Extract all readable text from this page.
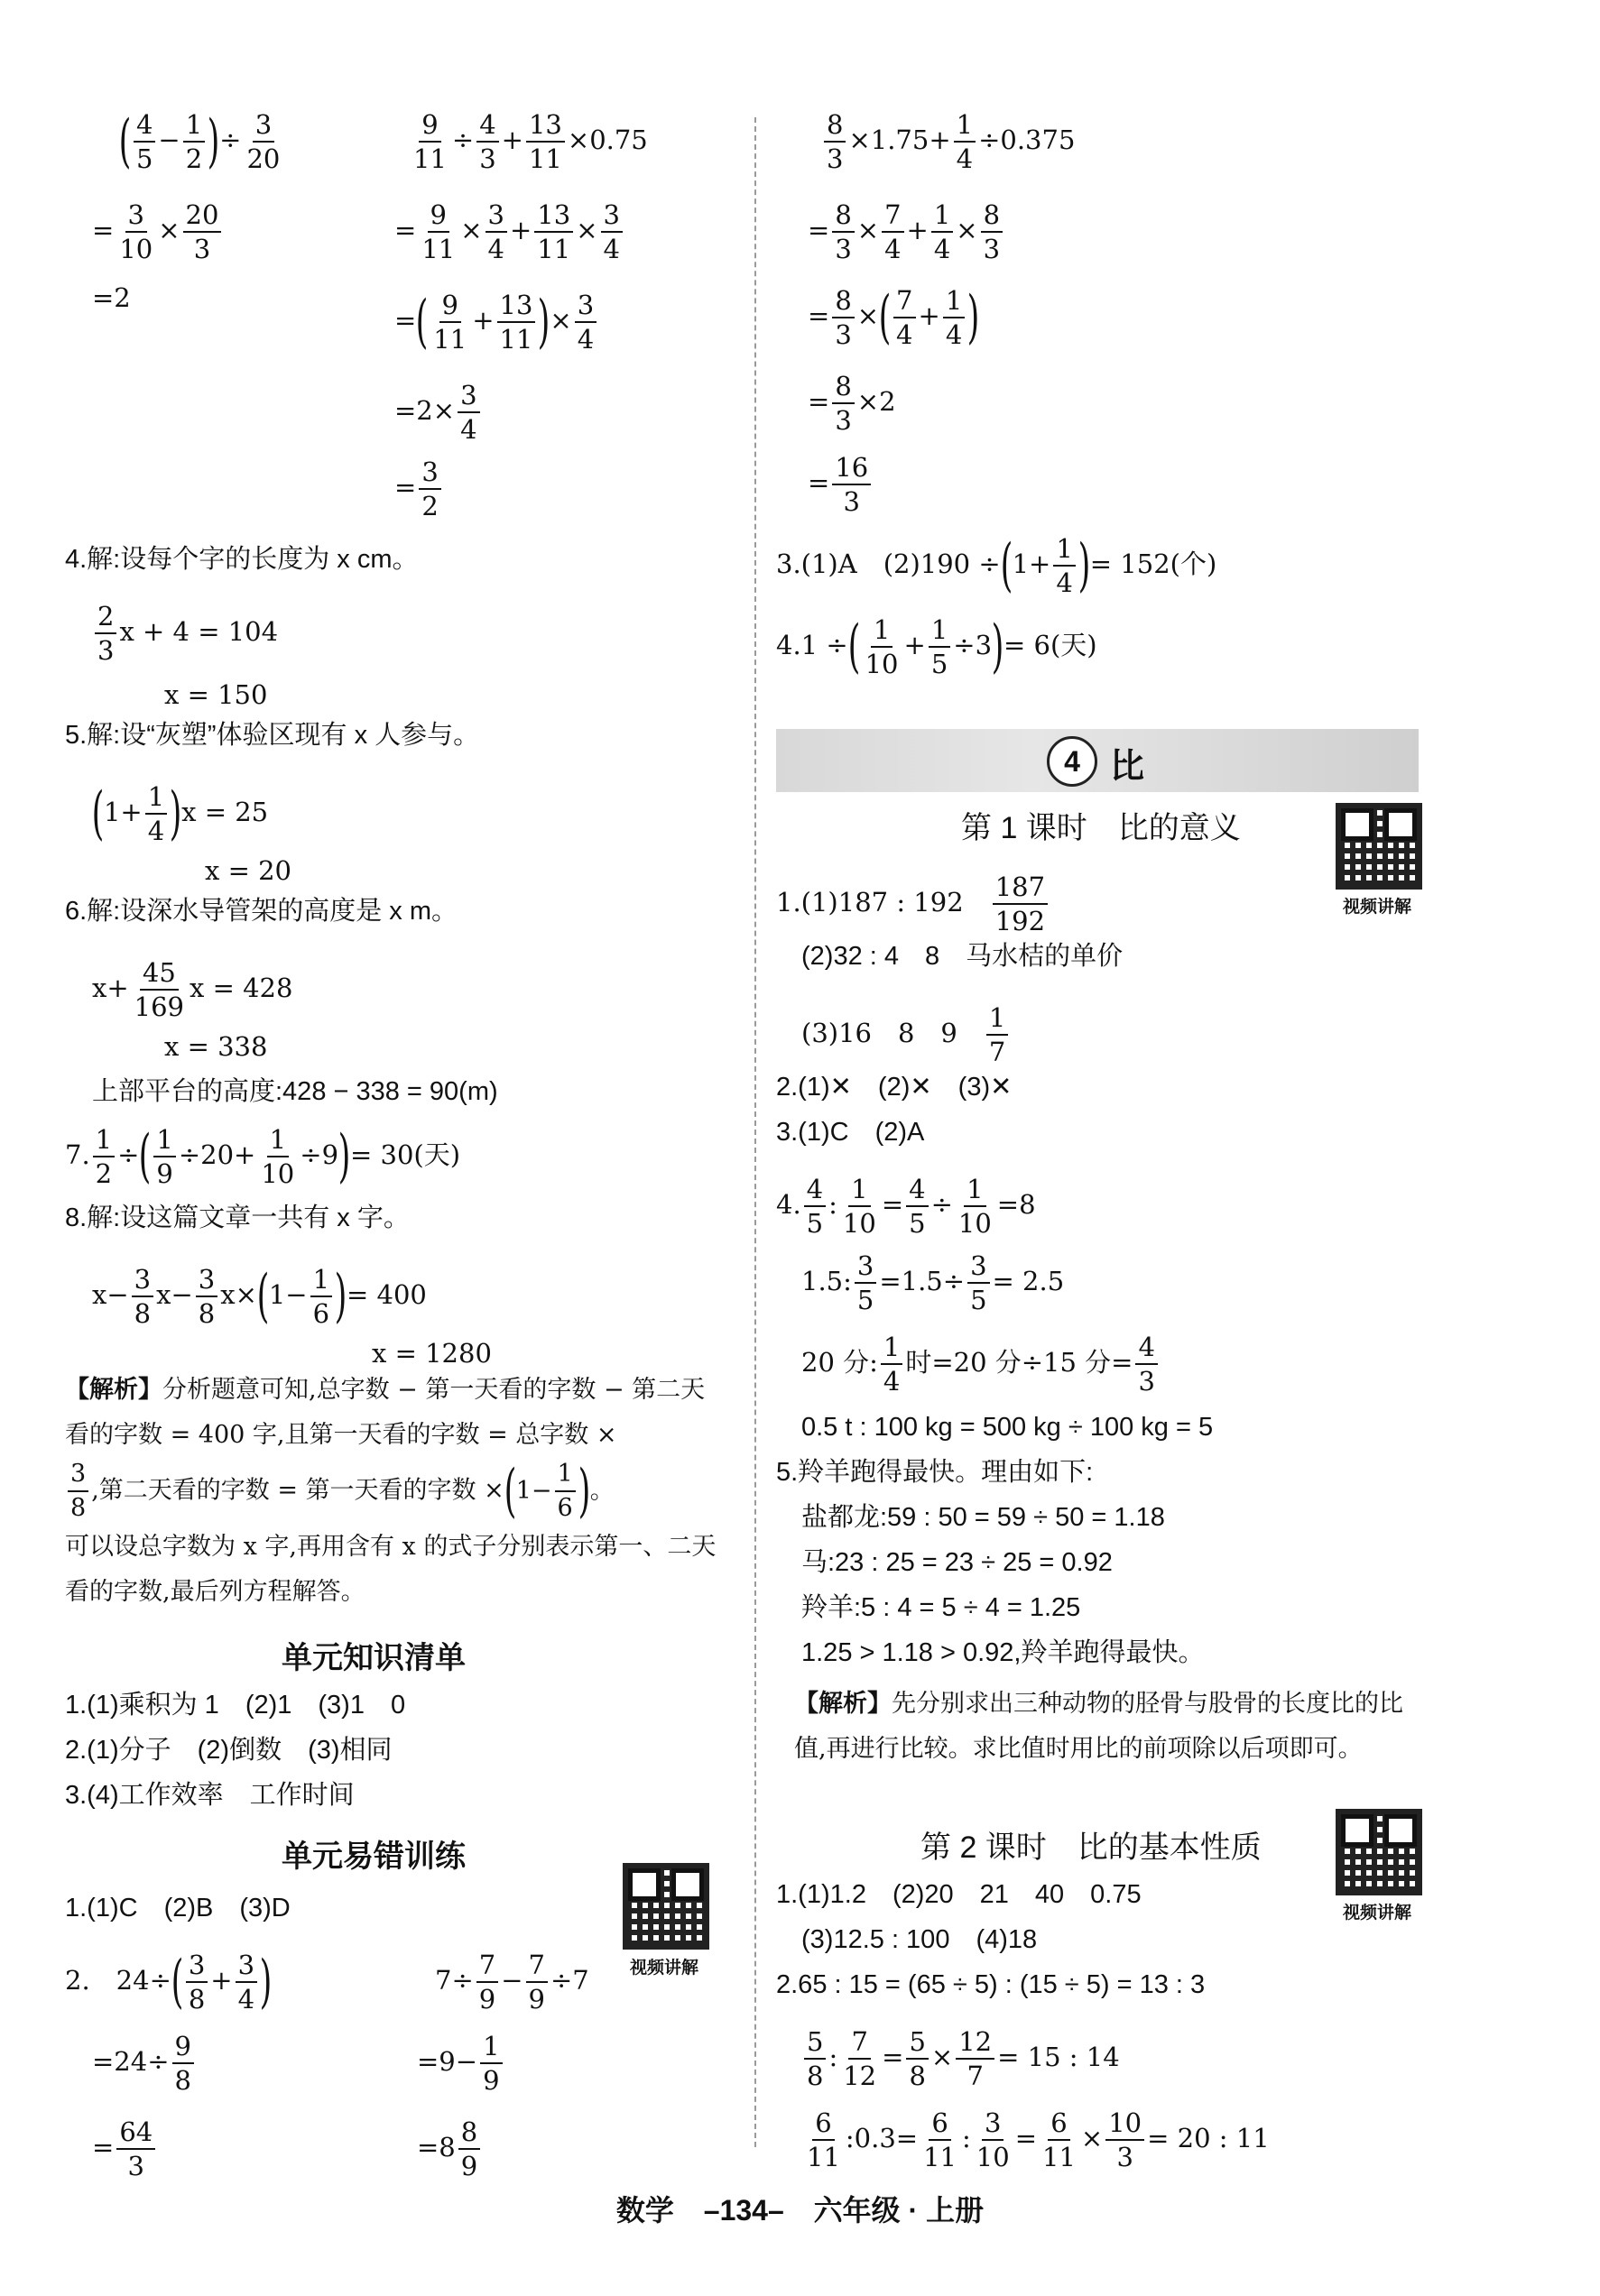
( $\frac{4}{5} - \frac{1}{2}$ )÷ $\frac{3}{20}$
= $\frac{3}{10} \times \frac{20}{3}$
=2
$\frac{9}{11} \div \frac{4}{3} + \frac{13}{11} \times 0.75$
= $\frac{9}{11} \times \frac{3}{4} + \frac{13}{11} \times \frac{3}{4}$
=( $\frac{9}{11} + \frac{13}{11}$ )× $\frac{3}{4}$
$=2\times \frac{3}{4}$
= $\frac{3}{2}$
4.解:设每个字的长度为 x cm。
$\frac{2}{3}$ x + 4 = 104
x = 150
5.解:设“灰塑”体验区现有 x 人参与。
$(1+ \frac{1}{4} )x = 25$
x = 20
6.解:设深水导管架的高度是 x m。
$x+ \frac{45}{169}$ x = 428
x = 338
上部平台的高度:428 − 338 = 90(m)
7. $\frac{1}{2}$ ÷( $\frac{1}{9} \div 20+ \frac{1}{10} \div 9)= 30$(天)
8.解:设这篇文章一共有 x 字。
$x- \frac{3}{8} x- \frac{3}{8} x\times(1- \frac{1}{6}$ )= 400
x = 1280
【解析】分析题意可知,总字数 − 第一天看的字数 − 第二天看的字数 = 400 字,且第一天看的字数 = 总字数 ×

$\frac{3}{8}$ ,第二天看的字数 = 第一天看的字数 $\times(1- \frac{1}{6}$ )。
可以设总字数为 x 字,再用含有 x 的式子分别表示第一、二天看的字数,最后列方程解答。
单元知识清单
1.(1)乘积为 1　(2)1　(3)1　0
2.(1)分子　(2)倒数　(3)相同
3.(4)工作效率　工作时间
单元易错训练
视频讲解
1.(1)C　(2)B　(3)D
2.　$24\div( \frac{3}{8} + \frac{3}{4}$ )
$=24\div \frac{9}{8}$
= $\frac{64}{3}$
$7\div \frac{7}{9} - \frac{7}{9} \div 7$
$=9- \frac{1}{9}$
$=8 \frac{8}{9}$
$\frac{8}{3} \times 1.75+ \frac{1}{4} \div 0.375$
= $\frac{8}{3} \times \frac{7}{4} + \frac{1}{4} \times \frac{8}{3}$
= $\frac{8}{3}$ ×( $\frac{7}{4} + \frac{1}{4}$ )
= $\frac{8}{3} \times 2$
= $\frac{16}{3}$
3.(1)A　$(2)190 \div(1+ \frac{1}{4}$ )= 152(个)
4.1 ÷( $\frac{1}{10} + \frac{1}{5} \div 3)= 6$(天)
4 比
第 1 课时　比的意义
视频讲解
1.(1)187 : 192　 $\frac{187}{192}$
(2)32 : 4　8　马水桔的单价
(3)16　8　9　 $\frac{1}{7}$
2.(1)✕　(2)✕　(3)✕
3.(1)C　(2)A
4. $\frac{4}{5}$ : $\frac{1}{10} = \frac{4}{5} \div \frac{1}{10} =8$
1.5: $\frac{3}{5} =1.5\div \frac{3}{5} = 2.5$
20 分: $\frac{1}{4}$ 时=20 分÷15 分= $\frac{4}{3}$
0.5 t : 100 kg = 500 kg ÷ 100 kg = 5
5.羚羊跑得最快。理由如下:
盐都龙:59 : 50 = 59 ÷ 50 = 1.18
马:23 : 25 = 23 ÷ 25 = 0.92
羚羊:5 : 4 = 5 ÷ 4 = 1.25
1.25 > 1.18 > 0.92,羚羊跑得最快。
【解析】先分别求出三种动物的胫骨与股骨的长度比的比值,再进行比较。求比值时用比的前项除以后项即可。
第 2 课时　比的基本性质
视频讲解
1.(1)1.2　(2)20　21　40　0.75
(3)12.5 : 100　(4)18
2.65 : 15 = (65 ÷ 5) : (15 ÷ 5) = 13 : 3
$\frac{5}{8}$ : $\frac{7}{12} = \frac{5}{8} \times \frac{12}{7} = 15$ : 14
$\frac{6}{11}$ :0.3= $\frac{6}{11}$ : $\frac{3}{10} = \frac{6}{11} \times \frac{10}{3} = 20$ : 11
数学 –134– 六年级 · 上册
